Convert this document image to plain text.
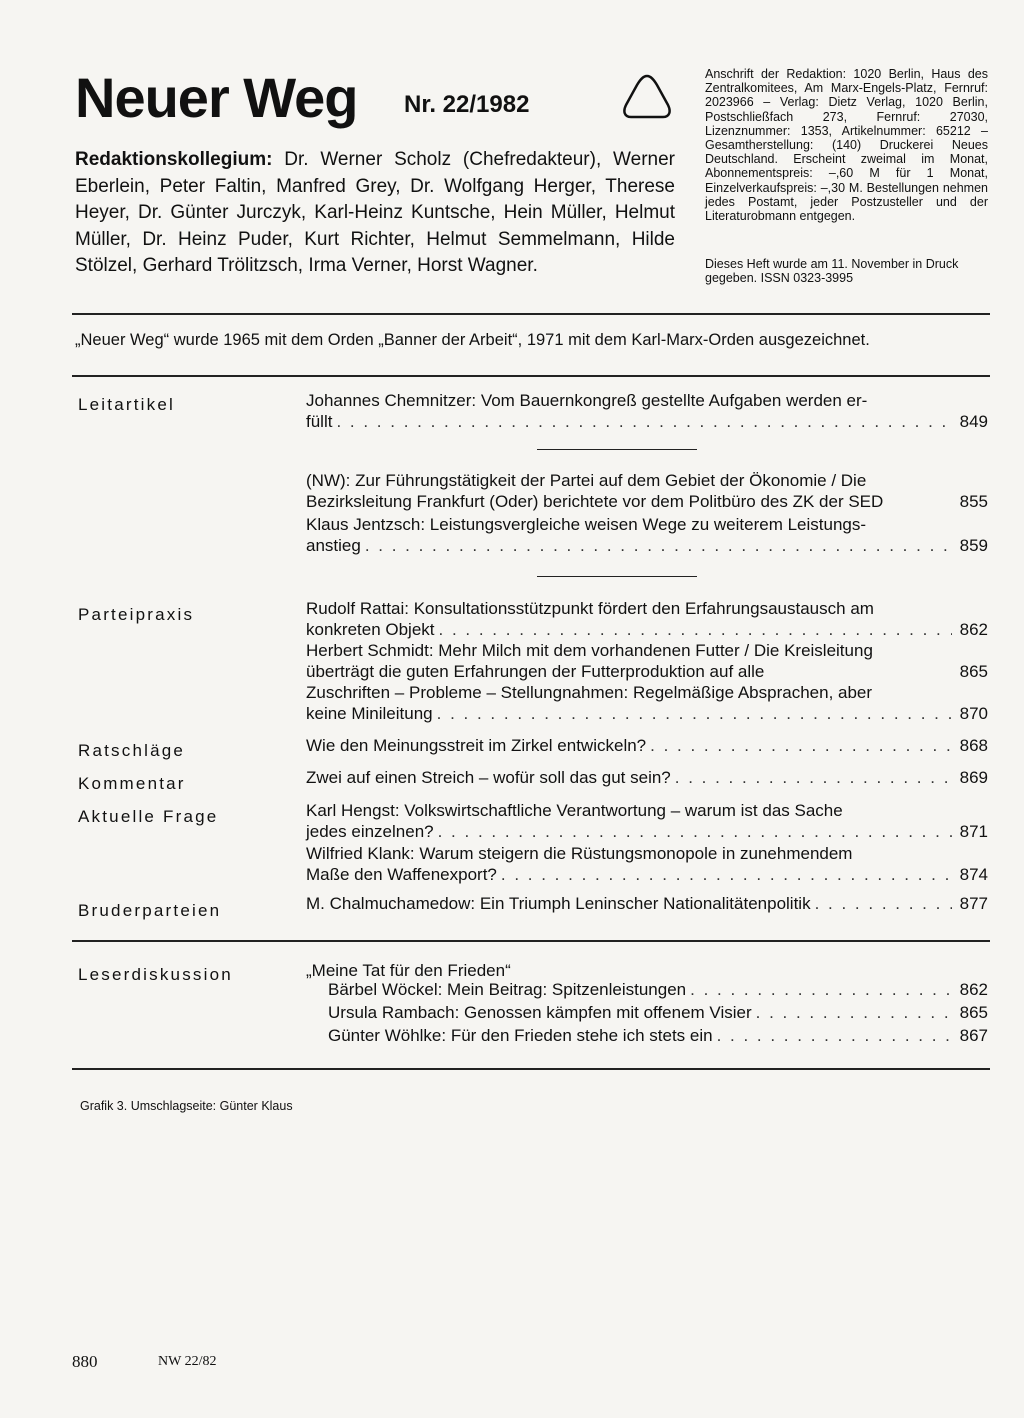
Neuer Weg Nr. 22/1982
Redaktionskollegium: Dr. Werner Scholz (Chefredakteur), Werner Eberlein, Peter Faltin, Manfred Grey, Dr. Wolfgang Herger, Therese Heyer, Dr. Günter Jurczyk, Karl-Heinz Kuntsche, Hein Müller, Helmut Müller, Dr. Heinz Puder, Kurt Richter, Helmut Semmelmann, Hilde Stölzel, Gerhard Trölitzsch, Irma Verner, Horst Wagner.
Anschrift der Redaktion: 1020 Berlin, Haus des Zentralkomitees, Am Marx-Engels-Platz, Fernruf: 2023966 – Verlag: Dietz Verlag, 1020 Berlin, Postschließfach 273, Fernruf: 27030, Lizenznummer: 1353, Artikelnummer: 65212 – Gesamtherstellung: (140) Druckerei Neues Deutschland. Erscheint zweimal im Monat, Abonnementspreis: –,60 M für 1 Monat, Einzelverkaufspreis: –,30 M. Bestellungen nehmen jedes Postamt, jeder Postzusteller und der Literaturobmann entgegen.
Dieses Heft wurde am 11. November in Druck gegeben. ISSN 0323-3995
„Neuer Weg“ wurde 1965 mit dem Orden „Banner der Arbeit“, 1971 mit dem Karl-Marx-Orden ausgezeichnet.
Leitartikel	Johannes Chemnitzer: Vom Bauernkongreß gestellte Aufgaben werden er-
füllt . . .	849
(NW): Zur Führungstätigkeit der Partei auf dem Gebiet der Ökonomie / Die
Bezirksleitung Frankfurt (Oder) berichtete vor dem Politbüro des ZK der SED	855
Klaus Jentzsch: Leistungsvergleiche weisen Wege zu weiterem Leistungs-
anstieg . . .	859
Parteipraxis	Rudolf Rattai: Konsultationsstützpunkt fördert den Erfahrungsaustausch am
konkreten Objekt . . .	862
Herbert Schmidt: Mehr Milch mit dem vorhandenen Futter / Die Kreisleitung
überträgt die guten Erfahrungen der Futterproduktion auf alle	865
Zuschriften – Probleme – Stellungnahmen: Regelmäßige Absprachen, aber
keine Minileitung . . .	870
Ratschläge	Wie den Meinungsstreit im Zirkel entwickeln? . . .	868
Kommentar	Zwei auf einen Streich – wofür soll das gut sein? . . .	869
Aktuelle Frage	Karl Hengst: Volkswirtschaftliche Verantwortung – warum ist das Sache
jedes einzelnen? . . .	871
Wilfried Klank: Warum steigern die Rüstungsmonopole in zunehmendem
Maße den Waffenexport? . . .	874
Bruderparteien	M. Chalmuchamedow: Ein Triumph Leninscher Nationalitätenpolitik . . .	877
Leserdiskussion	„Meine Tat für den Frieden“
Bärbel Wöckel: Mein Beitrag: Spitzenleistungen . . .	862
Ursula Rambach: Genossen kämpfen mit offenem Visier . . .	865
Günter Wöhlke: Für den Frieden stehe ich stets ein . . .	867
Grafik 3. Umschlagseite: Günter Klaus
880	NW 22/82
